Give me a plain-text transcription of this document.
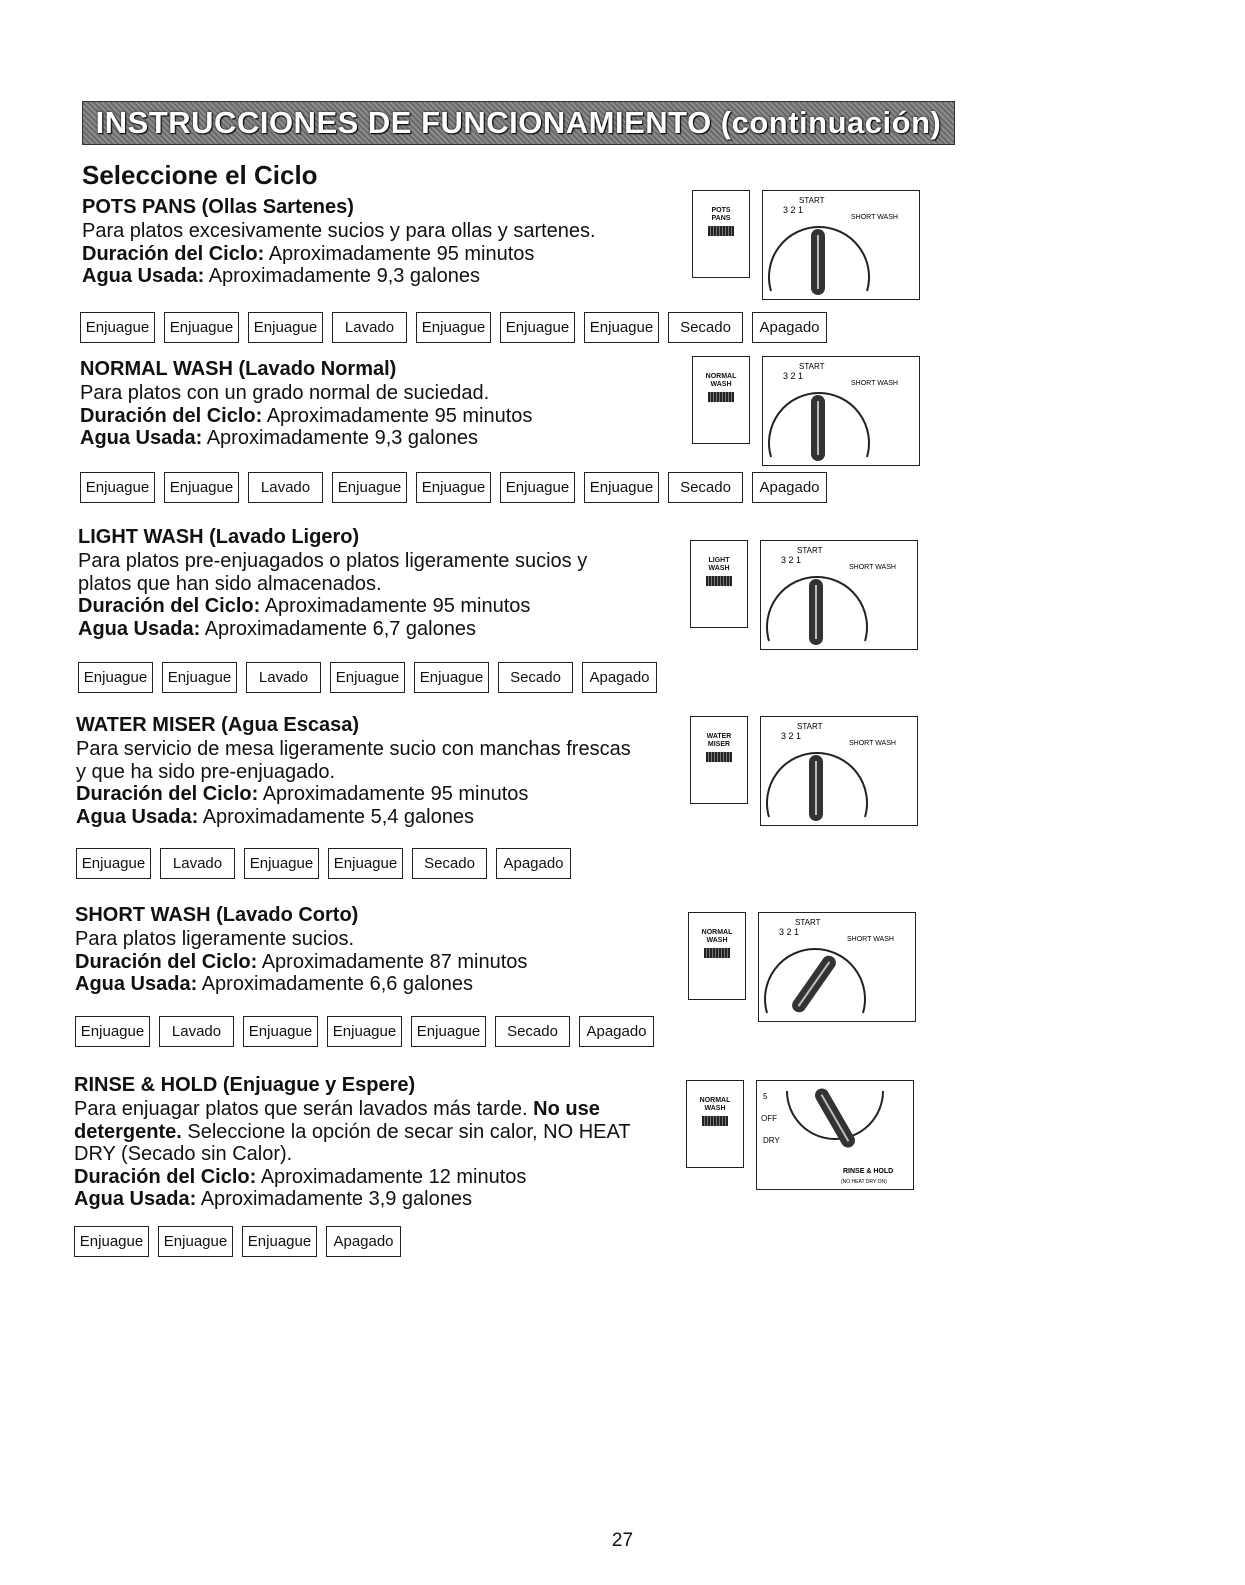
INSTRUCCIONES DE FUNCIONAMIENTO (continuación)
Seleccione el Ciclo
POTS PANS (Ollas Sartenes)
Para platos excesivamente sucios y para ollas y sartenes.
Duración del Ciclo: Aproximadamente 95 minutos
Agua Usada: Aproximadamente 9,3 galones
Enjuague	Enjuague	Enjuague	Lavado	Enjuague	Enjuague	Enjuague	Secado	Apagado
POTS
PANS
3 2 1
START
SHORT WASH
NORMAL WASH (Lavado Normal)
Para platos con un grado normal de suciedad.
Duración del Ciclo: Aproximadamente 95 minutos
Agua Usada: Aproximadamente 9,3 galones
Enjuague	Enjuague	Lavado	Enjuague	Enjuague	Enjuague	Enjuague	Secado	Apagado
NORMAL
WASH
3 2 1
START
SHORT WASH
LIGHT WASH (Lavado Ligero)
Para platos pre-enjuagados o platos ligeramente sucios y
platos que han sido almacenados.
Duración del Ciclo: Aproximadamente 95 minutos
Agua Usada: Aproximadamente 6,7 galones
Enjuague	Enjuague	Lavado	Enjuague	Enjuague	Secado	Apagado
LIGHT
WASH
3 2 1
START
SHORT WASH
WATER MISER (Agua Escasa)
Para servicio de mesa ligeramente sucio con manchas frescas
y que ha sido pre-enjuagado.
Duración del Ciclo: Aproximadamente 95 minutos
Agua Usada: Aproximadamente 5,4 galones
Enjuague	Lavado	Enjuague	Enjuague	Secado	Apagado
WATER
MISER
3 2 1
START
SHORT WASH
SHORT WASH (Lavado Corto)
Para platos ligeramente sucios.
Duración del Ciclo: Aproximadamente 87 minutos
Agua Usada: Aproximadamente 6,6 galones
Enjuague	Lavado	Enjuague	Enjuague	Enjuague	Secado	Apagado
NORMAL
WASH
3 2 1
START
SHORT WASH
RINSE & HOLD (Enjuague y Espere)
Para enjuagar platos que serán lavados más tarde. No use
detergente. Seleccione la opción de secar sin calor, NO HEAT
DRY (Secado sin Calor).
Duración del Ciclo: Aproximadamente 12 minutos
Agua Usada: Aproximadamente 3,9 galones
Enjuague	Enjuague	Enjuague	Apagado
NORMAL
WASH
5
OFF
DRY
RINSE & HOLD
(NO HEAT DRY ON)
27
